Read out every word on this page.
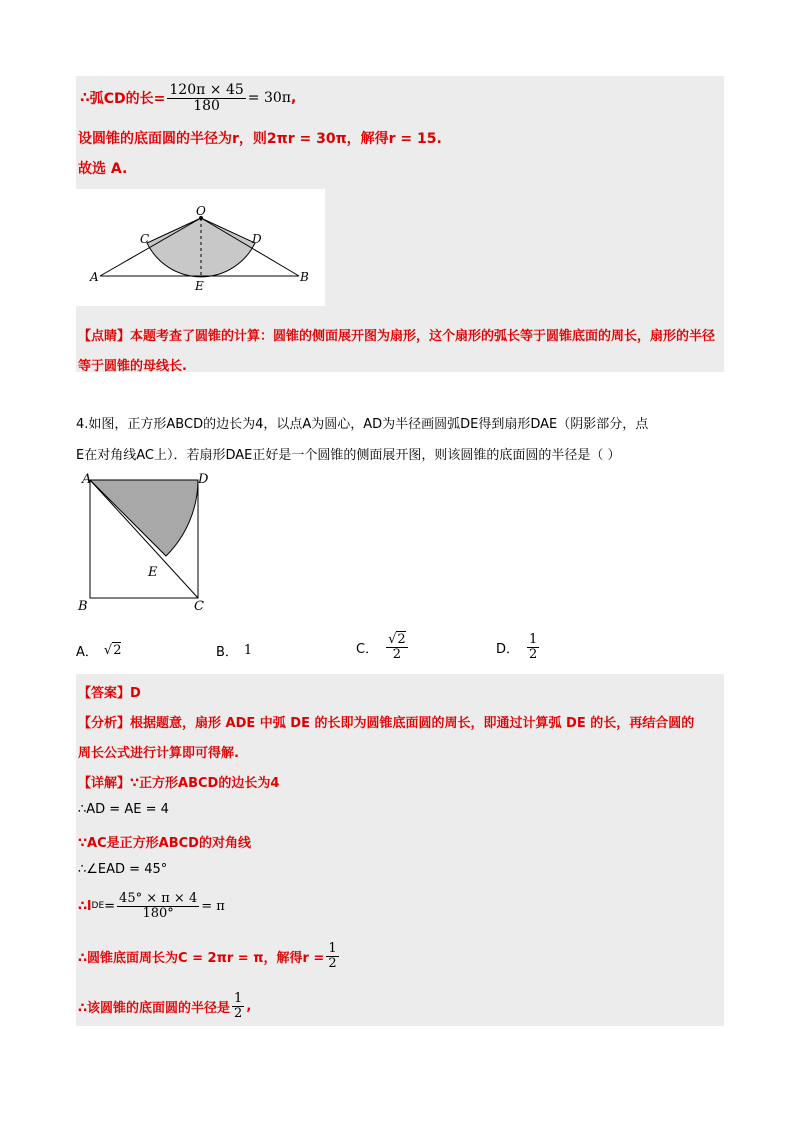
∴ 弧CD的长= $\frac{120\pi \times 45}{180} = 30\pi$ ,
设圆锥的底面圆的半径为r，则2πr = 30π，解得r = 15.
故选 A.
O
C	D
A	B
E
【点睛】本题考查了圆锥的计算：圆锥的侧面展开图为扇形，这个扇形的弧长等于圆锥底面的周长，扇形的半径等于圆锥的母线长.
4.如图，正方形ABCD的边长为4，以点A为圆心，AD为半径画圆弧DE得到扇形DAE（阴影部分，点
E在对角线AC上）．若扇形DAE正好是一个圆锥的侧面展开图，则该圆锥的底面圆的半径是（ ）
A	D
B	C
E
A． √ 2	B． 1	C． $\frac{√2}{2}$	D． $\frac{1}{2}$
【答案】D
【分析】根据题意，扇形 ADE 中弧 DE 的长即为圆锥底面圆的周长，即通过计算弧 DE 的长，再结合圆的
周长公式进行计算即可得解.
【详解】∵正方形ABCD的边长为4
∴AD = AE = 4
∵AC是正方形ABCD的对角线
∴∠EAD = 45°
∴l DE = $\frac{45^\circ \times \pi \times 4}{180^\circ} = \pi$
∴圆锥底面周长为C = 2πr = π，解得$r = \frac{1}{2}$
∴该圆锥的底面圆的半径是 $\frac{1}{2}$ ,
